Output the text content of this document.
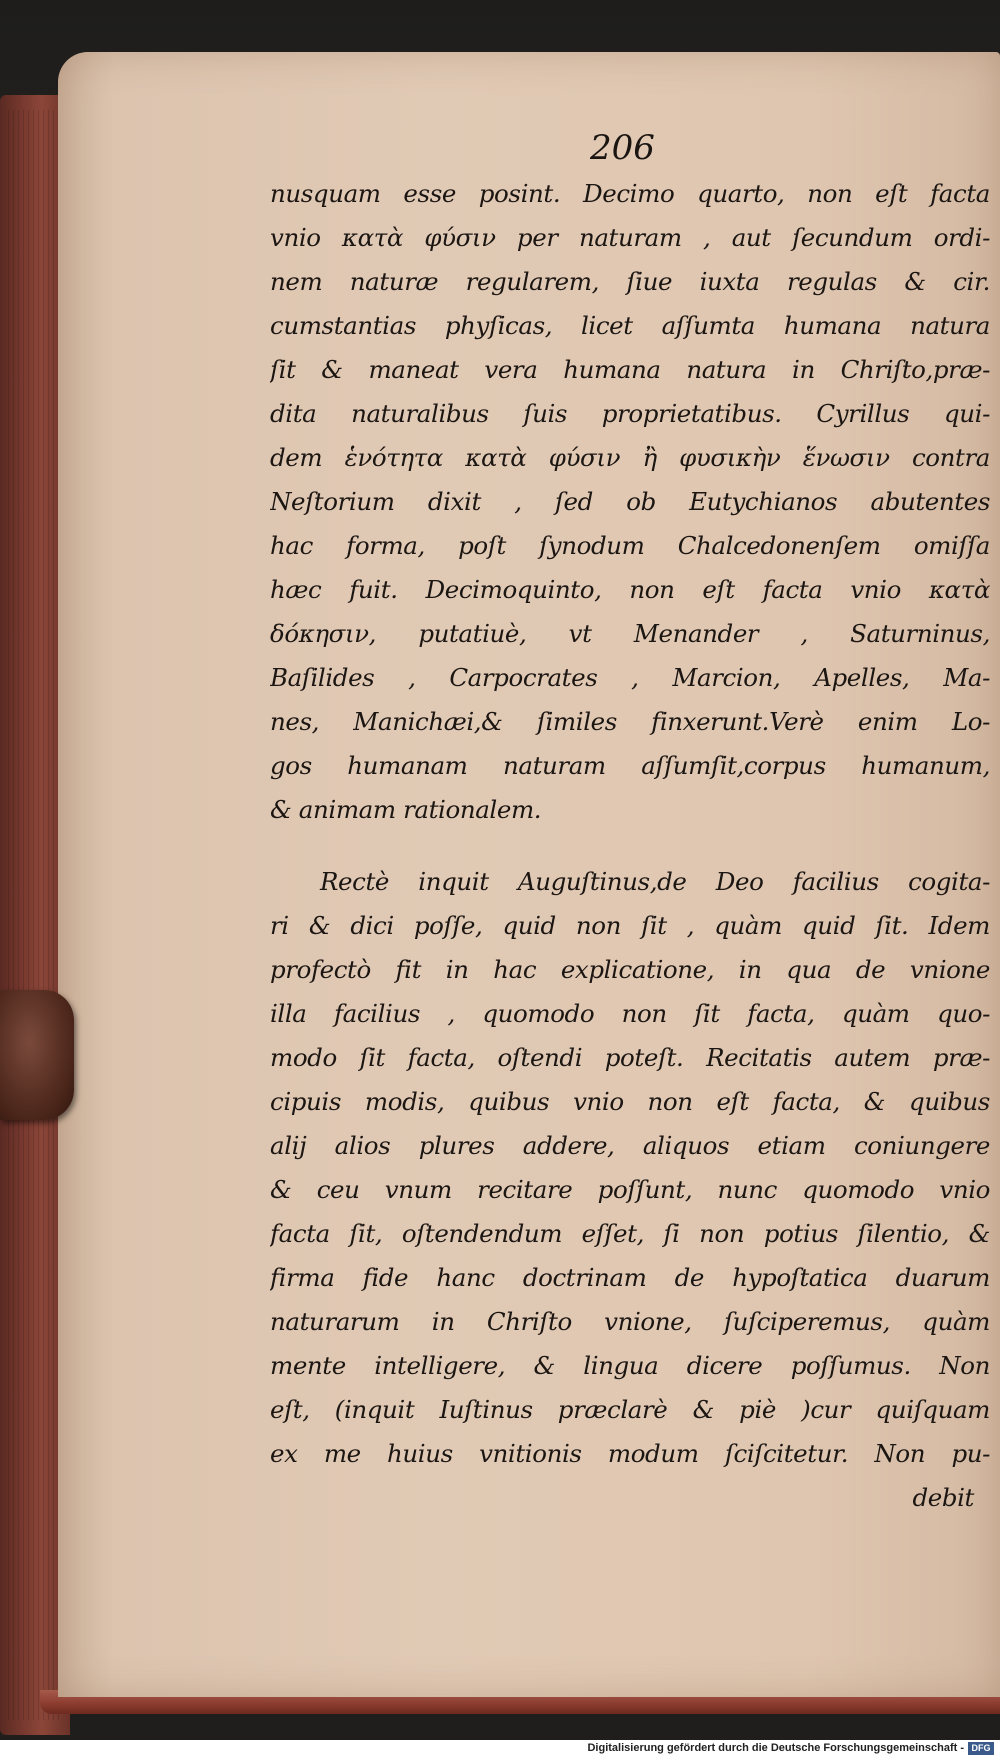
206
nusquam esse posint. Decimo quarto, non eſt facta
vnio κατὰ φύσιν per naturam , aut ſecundum ordi-
nem naturæ regularem, ſiue iuxta regulas & cir.
cumstantias phyſicas, licet aſſumta humana natura
ſit & maneat vera humana natura in Chriſto,præ-
dita naturalibus ſuis proprietatibus. Cyrillus qui-
dem ἑνότητα κατὰ φύσιν ἢ φυσικὴν ἕνωσιν contra
Neſtorium dixit , ſed ob Eutychianos abutentes
hac forma, poſt ſynodum Chalcedonenſem omiſſa
hæc fuit. Decimoquinto, non eſt facta vnio κατὰ
δόκησιν, putatiuè, vt Menander , Saturninus,
Baſilides , Carpocrates , Marcion, Apelles, Ma-
nes, Manichæi,& ſimiles finxerunt.Verè enim Lo-
gos humanam naturam aſſumſit,corpus humanum,
& animam rationalem.
Rectè inquit Auguſtinus,de Deo facilius cogita-
ri & dici poſſe, quid non ſit , quàm quid ſit. Idem
profectò fit in hac explicatione, in qua de vnione
illa facilius , quomodo non ſit facta, quàm quo-
modo ſit facta, oſtendi poteſt. Recitatis autem præ-
cipuis modis, quibus vnio non eſt facta, & quibus
alij alios plures addere, aliquos etiam coniungere
& ceu vnum recitare poſſunt, nunc quomodo vnio
facta ſit, oſtendendum eſſet, ſi non potius ſilentio, &
firma fide hanc doctrinam de hypoſtatica duarum
naturarum in Chriſto vnione, ſuſciperemus, quàm
mente intelligere, & lingua dicere poſſumus. Non
eſt, (inquit Iuſtinus præclarè & piè )cur quiſquam
ex me huius vnitionis modum ſciſcitetur. Non pu-
debit
Digitalisierung gefördert durch die Deutsche Forschungsgemeinschaft - DFG
